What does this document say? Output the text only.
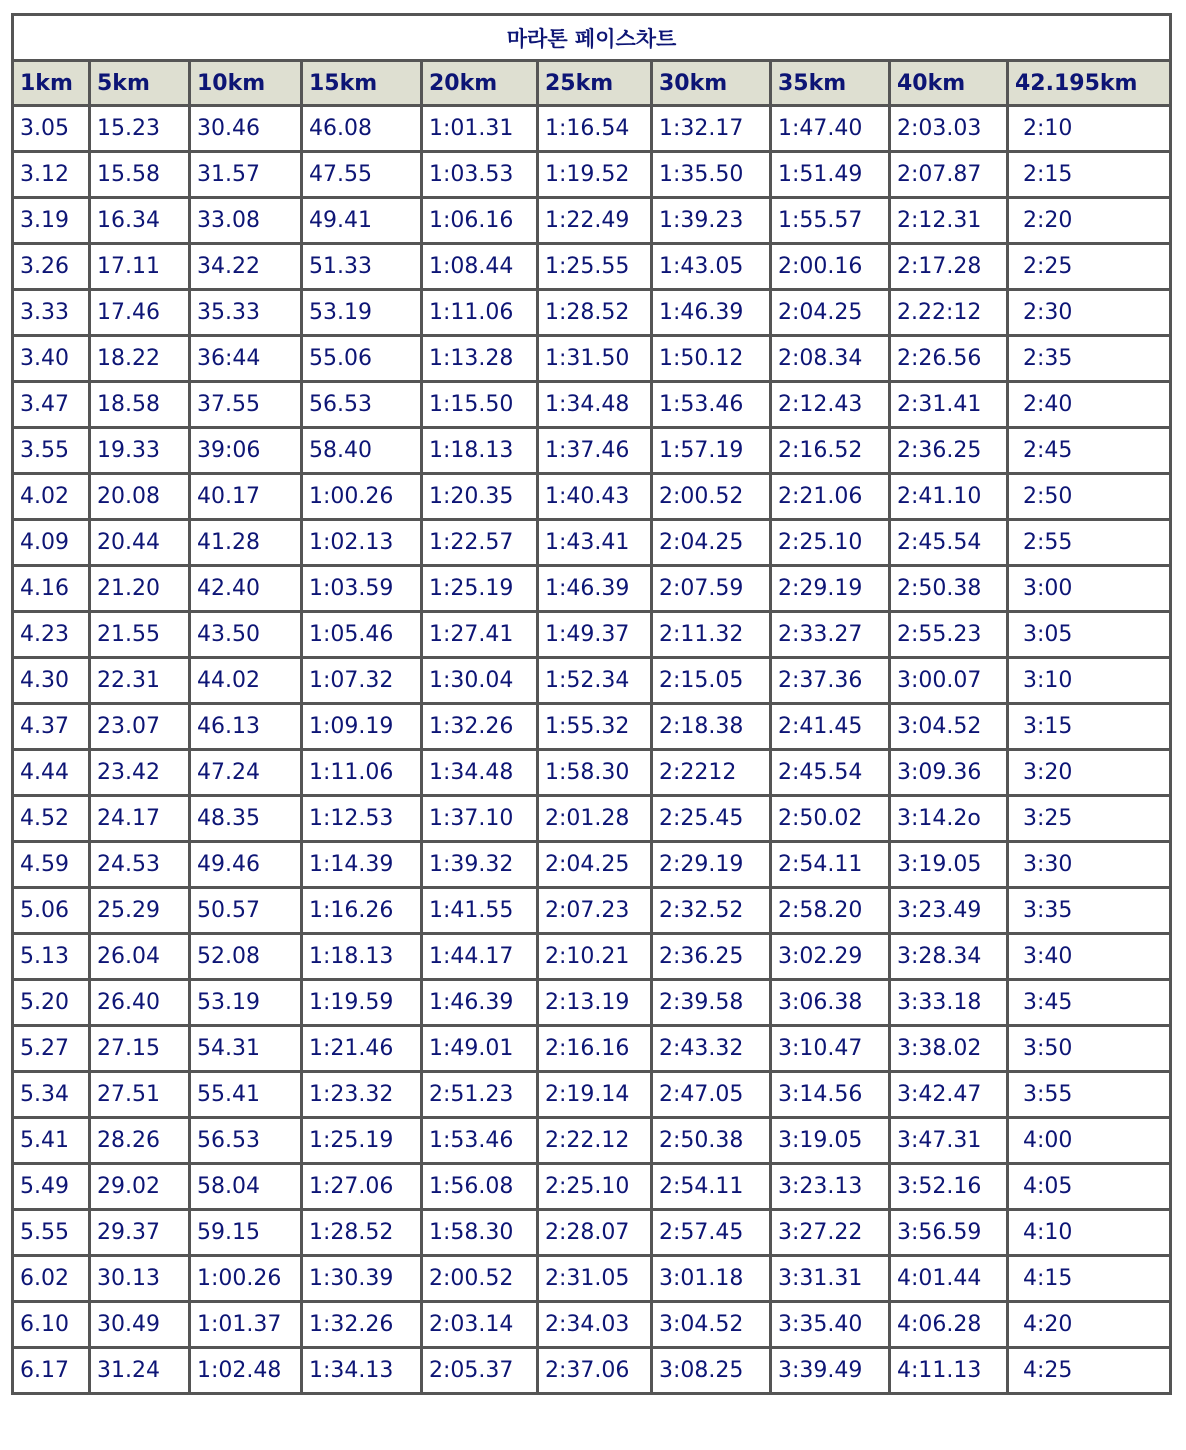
마라톤 페이스차트									
1km	5km	10km	15km	20km	25km	30km	35km	40km	42.195km
3.05	15.23	30.46	46.08	1:01.31	1:16.54	1:32.17	1:47.40	2:03.03	2:10
3.12	15.58	31.57	47.55	1:03.53	1:19.52	1:35.50	1:51.49	2:07.87	2:15
3.19	16.34	33.08	49.41	1:06.16	1:22.49	1:39.23	1:55.57	2:12.31	2:20
3.26	17.11	34.22	51.33	1:08.44	1:25.55	1:43.05	2:00.16	2:17.28	2:25
3.33	17.46	35.33	53.19	1:11.06	1:28.52	1:46.39	2:04.25	2.22:12	2:30
3.40	18.22	36:44	55.06	1:13.28	1:31.50	1:50.12	2:08.34	2:26.56	2:35
3.47	18.58	37.55	56.53	1:15.50	1:34.48	1:53.46	2:12.43	2:31.41	2:40
3.55	19.33	39:06	58.40	1:18.13	1:37.46	1:57.19	2:16.52	2:36.25	2:45
4.02	20.08	40.17	1:00.26	1:20.35	1:40.43	2:00.52	2:21.06	2:41.10	2:50
4.09	20.44	41.28	1:02.13	1:22.57	1:43.41	2:04.25	2:25.10	2:45.54	2:55
4.16	21.20	42.40	1:03.59	1:25.19	1:46.39	2:07.59	2:29.19	2:50.38	3:00
4.23	21.55	43.50	1:05.46	1:27.41	1:49.37	2:11.32	2:33.27	2:55.23	3:05
4.30	22.31	44.02	1:07.32	1:30.04	1:52.34	2:15.05	2:37.36	3:00.07	3:10
4.37	23.07	46.13	1:09.19	1:32.26	1:55.32	2:18.38	2:41.45	3:04.52	3:15
4.44	23.42	47.24	1:11.06	1:34.48	1:58.30	2:2212	2:45.54	3:09.36	3:20
4.52	24.17	48.35	1:12.53	1:37.10	2:01.28	2:25.45	2:50.02	3:14.2o	3:25
4.59	24.53	49.46	1:14.39	1:39.32	2:04.25	2:29.19	2:54.11	3:19.05	3:30
5.06	25.29	50.57	1:16.26	1:41.55	2:07.23	2:32.52	2:58.20	3:23.49	3:35
5.13	26.04	52.08	1:18.13	1:44.17	2:10.21	2:36.25	3:02.29	3:28.34	3:40
5.20	26.40	53.19	1:19.59	1:46.39	2:13.19	2:39.58	3:06.38	3:33.18	3:45
5.27	27.15	54.31	1:21.46	1:49.01	2:16.16	2:43.32	3:10.47	3:38.02	3:50
5.34	27.51	55.41	1:23.32	2:51.23	2:19.14	2:47.05	3:14.56	3:42.47	3:55
5.41	28.26	56.53	1:25.19	1:53.46	2:22.12	2:50.38	3:19.05	3:47.31	4:00
5.49	29.02	58.04	1:27.06	1:56.08	2:25.10	2:54.11	3:23.13	3:52.16	4:05
5.55	29.37	59.15	1:28.52	1:58.30	2:28.07	2:57.45	3:27.22	3:56.59	4:10
6.02	30.13	1:00.26	1:30.39	2:00.52	2:31.05	3:01.18	3:31.31	4:01.44	4:15
6.10	30.49	1:01.37	1:32.26	2:03.14	2:34.03	3:04.52	3:35.40	4:06.28	4:20
6.17	31.24	1:02.48	1:34.13	2:05.37	2:37.06	3:08.25	3:39.49	4:11.13	4:25
